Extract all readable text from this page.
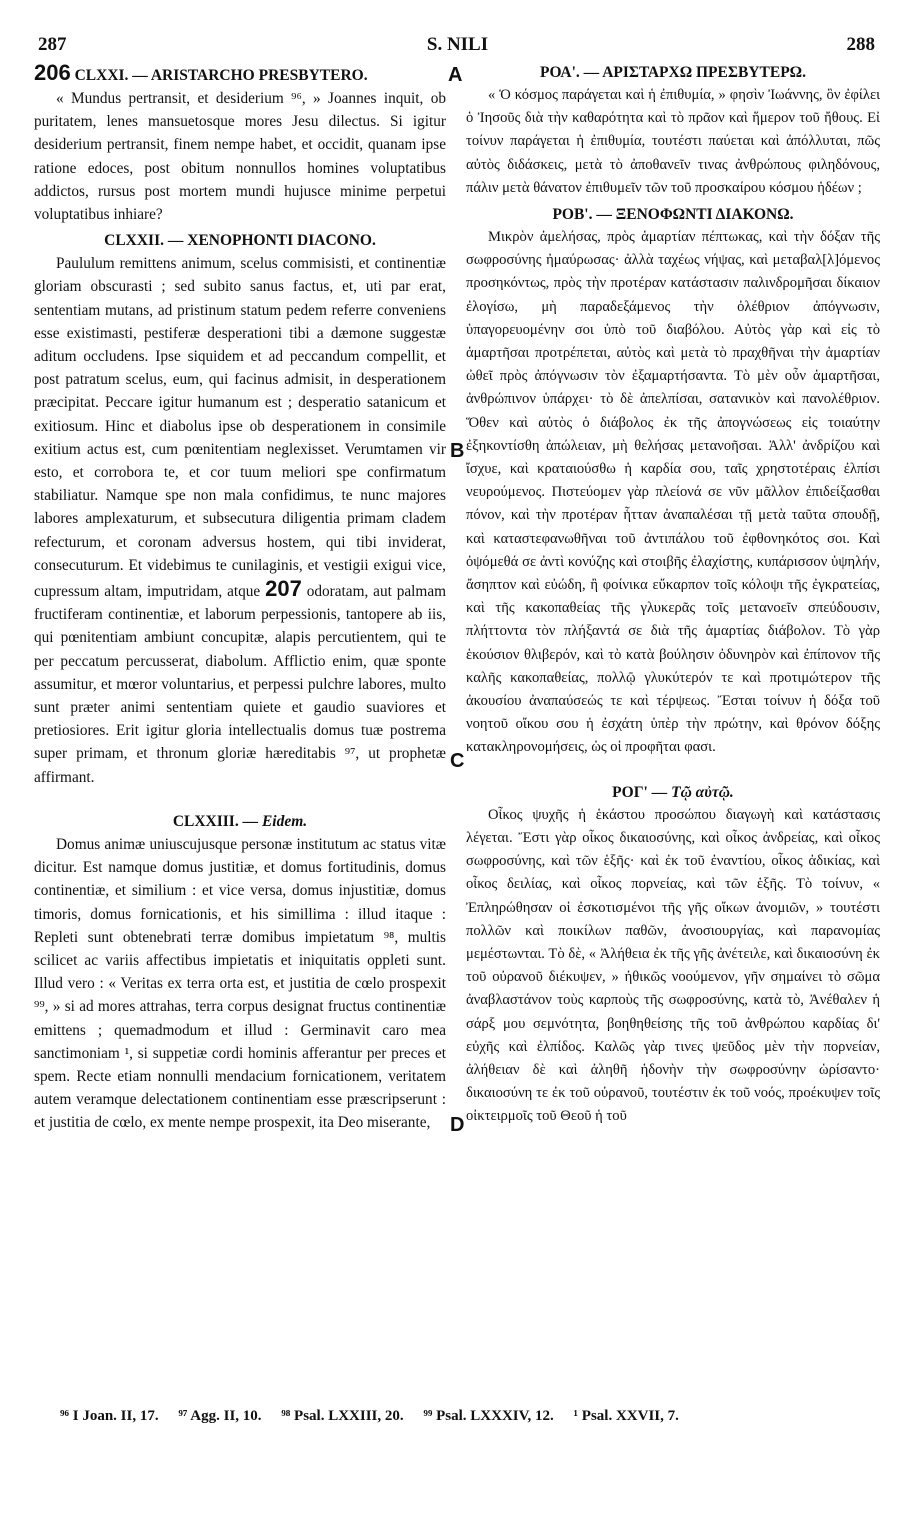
287	S. NILI	288
206 CLXXI. — ARISTARCHO PRESBYTERO.

« Mundus pertransit, et desiderium ⁹⁶, » Joannes inquit, ob puritatem, lenes mansuetosque mores Jesu dilectus. Si igitur desiderium pertransit, finem nempe habet, et occidit, quanam ipse ratione edoces, post obitum nonnullos homines voluptatibus addictos, rursus post mortem mundi hujusce minime perpetui voluptatibus inhiare?

CLXXII. — XENOPHONTI DIACONO.

Paululum remittens animum, scelus commisisti, et continentiæ gloriam obscurasti ; sed subito sanus factus, et, uti par erat, sententiam mutans, ad pristinum statum pedem referre conveniens esse existimasti, pestiferæ desperationi tibi a dæmone suggestæ aditum occludens. Ipse siquidem et ad peccandum compellit, et post patratum scelus, eum, qui facinus admisit, in desperationem præcipitat. Peccare igitur humanum est ; desperatio satanicum et exitiosum. Hinc et diabolus ipse ob desperationem in consimile exitium actus est, cum pœnitentiam neglexisset. Verumtamen vir esto, et corrobora te, et cor tuum meliori spe confirmatum stabiliatur. Namque spe non mala confidimus, te nunc majores labores amplexaturum, et subsecutura diligentia primam cladem refecturum, et coronam adversus hostem, qui tibi inviderat, consecuturum. Et videbimus te cunilaginis, et vestigii exigui vice, cupressum altam, imputridam, atque 207 odoratam, aut palmam fructiferam continentiæ, et laborum perpessionis, tantopere ab iis, qui pœnitentiam ambiunt concupitæ, alapis percutientem, qui te per peccatum percusserat, diabolum. Afflictio enim, quæ sponte assumitur, et mœror voluntarius, et perpessi pulchre labores, multo sunt præter animi sententiam quiete et gaudio suaviores et pretiosiores. Erit igitur gloria intellectualis domus tuæ postrema super primam, et thronum gloriæ hæreditabis ⁹⁷, ut prophetæ affirmant.

CLXXIII. — Eidem.

Domus animæ uniuscujusque personæ institutum ac status vitæ dicitur. Est namque domus justitiæ, et domus fortitudinis, domus continentiæ, et similium : et vice versa, domus injustitiæ, domus timoris, domus fornicationis, et his simillima : illud itaque : Repleti sunt obtenebrati terræ domibus impietatum ⁹⁸, multis scilicet ac variis affectibus impietatis et iniquitatis oppleti sunt. Illud vero : « Veritas ex terra orta est, et justitia de cœlo prospexit ⁹⁹, » si ad mores attrahas, terra corpus designat fructus continentiæ emittens ; quemadmodum et illud : Germinavit caro mea sanctimoniam ¹, si suppetiæ cordi hominis afferantur per preces et spem. Recte etiam nonnulli mendacium fornicationem, veritatem autem veramque delectationem continentiam esse præscripserunt : et justitia de cœlo, ex mente nempe prospexit, ita Deo miserante,

ΡΟΑ'. — ΑΡΙΣΤΑΡΧΩ ΠΡΕΣΒΥΤΕΡΩ.

« Ὁ κόσμος παράγεται καὶ ἡ ἐπιθυμία, » φησὶν Ἰωάννης, ὃν ἐφίλει ὁ Ἰησοῦς διὰ τὴν καθαρότητα καὶ τὸ πρᾶον καὶ ἥμερον τοῦ ἤθους. Εἰ τοίνυν παράγεται ἡ ἐπιθυμία, τουτέστι παύεται καὶ ἀπόλλυται, πῶς αὐτὸς διδάσκεις, μετὰ τὸ ἀποθανεῖν τινας ἀνθρώπους φιληδόνους, πάλιν μετὰ θάνατον ἐπιθυμεῖν τῶν τοῦ προσκαίρου κόσμου ἡδέων ;

ΡΟΒ'. — ΞΕΝΟΦΩΝΤΙ ΔΙΑΚΟΝΩ.

Μικρὸν ἀμελήσας, πρὸς ἁμαρτίαν πέπτωκας, καὶ τὴν δόξαν τῆς σωφροσύνης ἠμαύρωσας· ἀλλὰ ταχέως νήψας, καὶ μεταβαλ[λ]όμενος προσηκόντως, πρὸς τὴν προτέραν κατάστασιν παλινδρομῆσαι δίκαιον ἐλογίσω, μὴ παραδεξάμενος τὴν ὀλέθριον ἀπόγνωσιν, ὑπαγορευομένην σοι ὑπὸ τοῦ διαβόλου. Αὐτὸς γὰρ καὶ εἰς τὸ ἁμαρτῆσαι προτρέπεται, αὐτὸς καὶ μετὰ τὸ πραχθῆναι τὴν ἁμαρτίαν ὠθεῖ πρὸς ἀπόγνωσιν τὸν ἐξαμαρτήσαντα. Τὸ μὲν οὖν ἁμαρτῆσαι, ἀνθρώπινον ὑπάρχει· τὸ δὲ ἀπελπίσαι, σατανικὸν καὶ πανολέθριον. Ὅθεν καὶ αὐτὸς ὁ διάβολος ἐκ τῆς ἀπογνώσεως εἰς τοιαύτην ἐξηκοντίσθη ἀπώλειαν, μὴ θελήσας μετανοῆσαι. Ἀλλ' ἀνδρίζου καὶ ἴσχυε, καὶ κραταιούσθω ἡ καρδία σου, ταῖς χρηστοτέραις ἐλπίσι νευρούμενος. Πιστεύομεν γὰρ πλείονά σε νῦν μᾶλλον ἐπιδείξασθαι πόνον, καὶ τὴν προτέραν ἧτταν ἀναπαλέσαι τῇ μετὰ ταῦτα σπουδῇ, καὶ καταστεφανωθῆναι τοῦ ἀντιπάλου τοῦ ἐφθονηκότος σοι. Καὶ ὀψόμεθά σε ἀντὶ κονύζης καὶ στοιβῆς ἐλαχίστης, κυπάρισσον ὑψηλήν, ἄσηπτον καὶ εὐώδη, ἢ φοίνικα εὔκαρπον τοῖς κόλοψι τῆς ἐγκρατείας, καὶ τῆς κακοπαθείας τῆς γλυκερᾶς τοῖς μετανοεῖν σπεύδουσιν, πλήττοντα τὸν πλήξαντά σε διὰ τῆς ἁμαρτίας διάβολον. Τὸ γὰρ ἑκούσιον θλιβερόν, καὶ τὸ κατὰ βούλησιν ὀδυνηρὸν καὶ ἐπίπονον τῆς καλῆς κακοπαθείας, πολλῷ γλυκύτερόν τε καὶ προτιμώτερον τῆς ἀκουσίου ἀναπαύσεώς τε καὶ τέρψεως. Ἔσται τοίνυν ἡ δόξα τοῦ νοητοῦ οἴκου σου ἡ ἐσχάτη ὑπὲρ τὴν πρώτην, καὶ θρόνον δόξης κατακληρονομήσεις, ὡς οἱ προφῆται φασι.

ΡΟΓ' — Τῷ αὐτῷ.

Οἶκος ψυχῆς ἡ ἑκάστου προσώπου διαγωγὴ καὶ κατάστασις λέγεται. Ἔστι γὰρ οἶκος δικαιοσύνης, καὶ οἶκος ἀνδρείας, καὶ οἶκος σωφροσύνης, καὶ τῶν ἑξῆς· καὶ ἐκ τοῦ ἐναντίου, οἶκος ἀδικίας, καὶ οἶκος δειλίας, καὶ οἶκος πορνείας, καὶ τῶν ἑξῆς. Τὸ τοίνυν, « Ἐπληρώθησαν οἱ ἐσκοτισμένοι τῆς γῆς οἴκων ἀνομιῶν, » τουτέστι πολλῶν καὶ ποικίλων παθῶν, ἀνοσιουργίας, καὶ παρανομίας μεμέστωνται. Τὸ δὲ, « Ἀλήθεια ἐκ τῆς γῆς ἀνέτειλε, καὶ δικαιοσύνη ἐκ τοῦ οὐρανοῦ διέκυψεν, » ἠθικῶς νοούμενον, γῆν σημαίνει τὸ σῶμα ἀναβλαστάνον τοὺς καρποὺς τῆς σωφροσύνης, κατὰ τὸ, Ἀνέθαλεν ἡ σάρξ μου σεμνότητα, βοηθηθείσης τῆς τοῦ ἀνθρώπου καρδίας δι' εὐχῆς καὶ ἐλπίδος. Καλῶς γὰρ τινες ψεῦδος μὲν τὴν πορνείαν, ἀλήθειαν δὲ καὶ ἀληθῆ ἡδονὴν τὴν σωφροσύνην ὡρίσαντο· δικαιοσύνη τε ἐκ τοῦ οὐρανοῦ, τουτέστιν ἐκ τοῦ νοός, προέκυψεν τοῖς οἰκτειρμοῖς τοῦ Θεοῦ ἡ τοῦ

A
B
C
D
⁹⁶ I Joan. II, 17. ⁹⁷ Agg. II, 10. ⁹⁸ Psal. LXXIII, 20. ⁹⁹ Psal. LXXXIV, 12. ¹ Psal. XXVII, 7.
